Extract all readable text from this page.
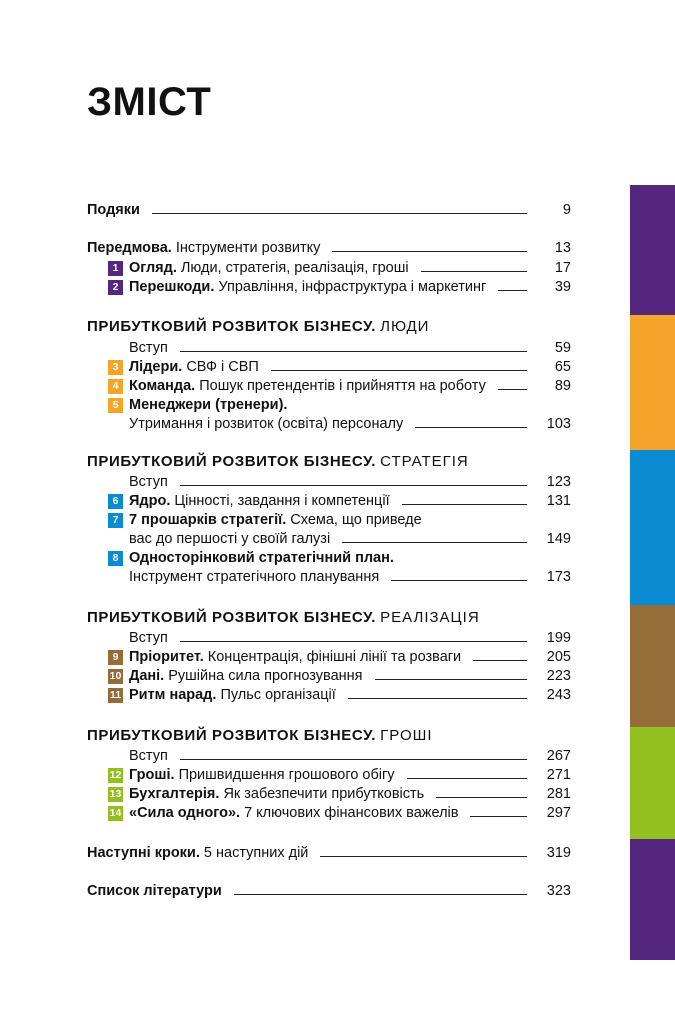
ЗМІСТ
Подяки	9
Передмова. Інструменти розвитку	13
1 Огляд. Люди, стратегія, реалізація, гроші	17
2 Перешкоди. Управління, інфраструктура і маркетинг	39
ПРИБУТКОВИЙ РОЗВИТОК БІЗНЕСУ. ЛЮДИ
Вступ	59
3 Лідери. СВФ і СВП	65
4 Команда. Пошук претендентів і прийняття на роботу	89
5 Менеджери (тренери).
Утримання і розвиток (освіта) персоналу	103
ПРИБУТКОВИЙ РОЗВИТОК БІЗНЕСУ. СТРАТЕГІЯ
Вступ	123
6 Ядро. Цінності, завдання і компетенції	131
7 7 прошарків стратегії. Схема, що приведе
вас до першості у своїй галузі	149
8 Односторінковий стратегічний план.
Інструмент стратегічного планування	173
ПРИБУТКОВИЙ РОЗВИТОК БІЗНЕСУ. РЕАЛІЗАЦІЯ
Вступ	199
9 Пріоритет. Концентрація, фінішні лінії та розваги	205
10 Дані. Рушійна сила прогнозування	223
11 Ритм нарад. Пульс організації	243
ПРИБУТКОВИЙ РОЗВИТОК БІЗНЕСУ. ГРОШІ
Вступ	267
12 Гроші. Пришвидшення грошового обігу	271
13 Бухгалтерія. Як забезпечити прибутковість	281
14 «Сила одного». 7 ключових фінансових важелів	297
Наступні кроки. 5 наступних дій	319
Список літератури	323
